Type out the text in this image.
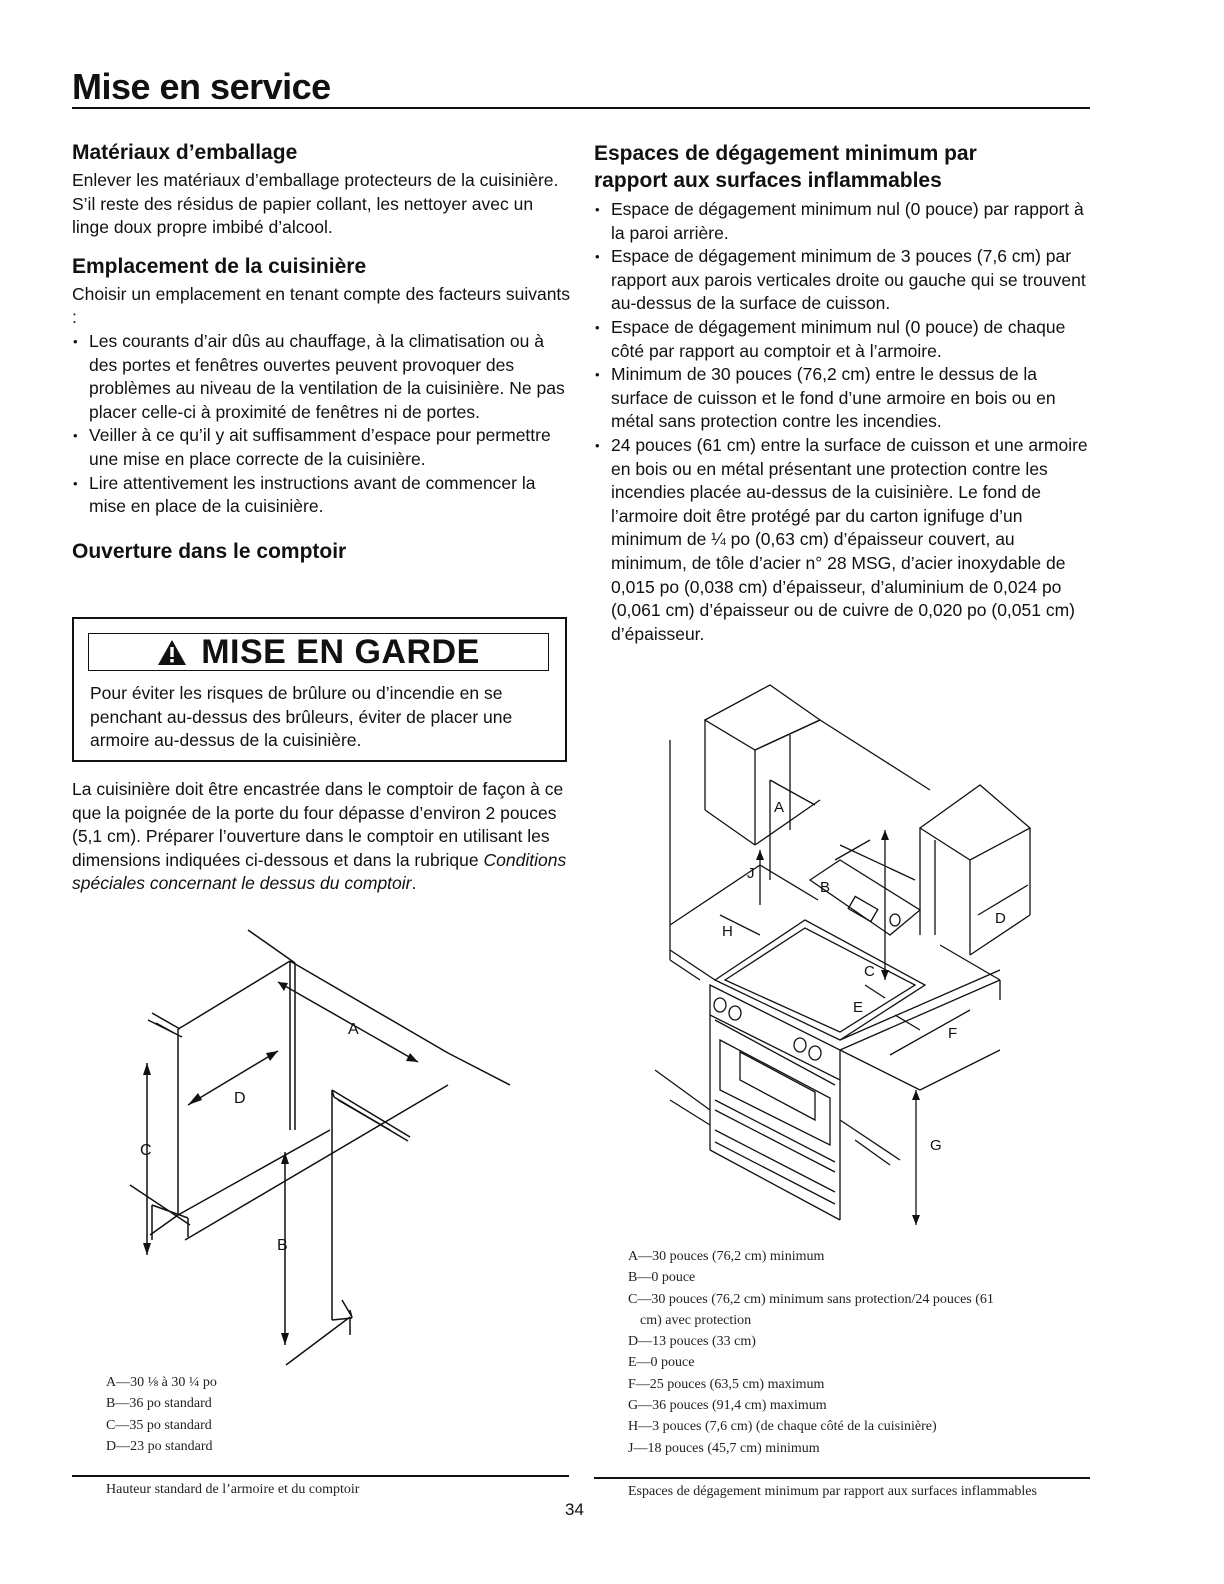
Mise en service
Matériaux d’emballage

Enlever les matériaux d’emballage protecteurs de la cuisinière. S’il reste des résidus de papier collant, les nettoyer avec un linge doux propre imbibé d’alcool.

Emplacement de la cuisinière

Choisir un emplacement en tenant compte des facteurs suivants :

• Les courants d’air dûs au chauffage, à la climatisation ou à des portes et fenêtres ouvertes peuvent provoquer des problèmes au niveau de la ventilation de la cuisinière. Ne pas placer celle-ci à proximité de fenêtres ni de portes.
• Veiller à ce qu’il y ait suffisamment d’espace pour permettre une mise en place correcte de la cuisinière.
• Lire attentivement les instructions avant de commencer la mise en place de la cuisinière.
Ouverture dans le comptoir
MISE EN GARDE
Pour éviter les risques de brûlure ou d’incendie en se penchant au-dessus des brûleurs, éviter de placer une armoire au-dessus de la cuisinière.

La cuisinière doit être encastrée dans le comptoir de façon à ce que la poignée de la porte du four dépasse d’environ 2 pouces (5,1 cm). Préparer l’ouverture dans le comptoir en utilisant les dimensions indiquées ci-dessous et dans la rubrique Conditions spéciales concernant le dessus du comptoir.

A
B
C
D
A—30 ⅛ à 30 ¼ po
B—36 po standard
C—35 po standard
D—23 po standard
Hauteur standard de l’armoire et du comptoir
Espaces de dégagement minimum par rapport aux surfaces inflammables
• Espace de dégagement minimum nul (0 pouce) par rapport à la paroi arrière.
• Espace de dégagement minimum de 3 pouces (7,6 cm) par rapport aux parois verticales droite ou gauche qui se trouvent au-dessus de la surface de cuisson.
• Espace de dégagement minimum nul (0 pouce) de chaque côté par rapport au comptoir et à l’armoire.
• Minimum de 30 pouces (76,2 cm) entre le dessus de la surface de cuisson et le fond d’une armoire en bois ou en métal sans protection contre les incendies.
• 24 pouces (61 cm) entre la surface de cuisson et une armoire en bois ou en métal présentant une protection contre les incendies placée au-dessus de la cuisinière. Le fond de l’armoire doit être protégé par du carton ignifuge d’un minimum de ¼ po (0,63 cm) d’épaisseur couvert, au minimum, de tôle d’acier n° 28 MSG, d’acier inoxydable de 0,015 po (0,038 cm) d’épaisseur, d’aluminium de 0,024 po (0,061 cm) d’épaisseur ou de cuivre de 0,020 po (0,051 cm) d’épaisseur.
A
B
C
D
E
F
G
H
J
A—30 pouces (76,2 cm) minimum
B—0 pouce
C—30 pouces (76,2 cm) minimum sans protection/24 pouces (61
cm) avec protection
D—13 pouces (33 cm)
E—0 pouce
F—25 pouces (63,5 cm) maximum
G—36 pouces (91,4 cm) maximum
H—3 pouces (7,6 cm) (de chaque côté de la cuisinière)
J—18 pouces (45,7 cm) minimum
Espaces de dégagement minimum par rapport aux surfaces inflammables
34
